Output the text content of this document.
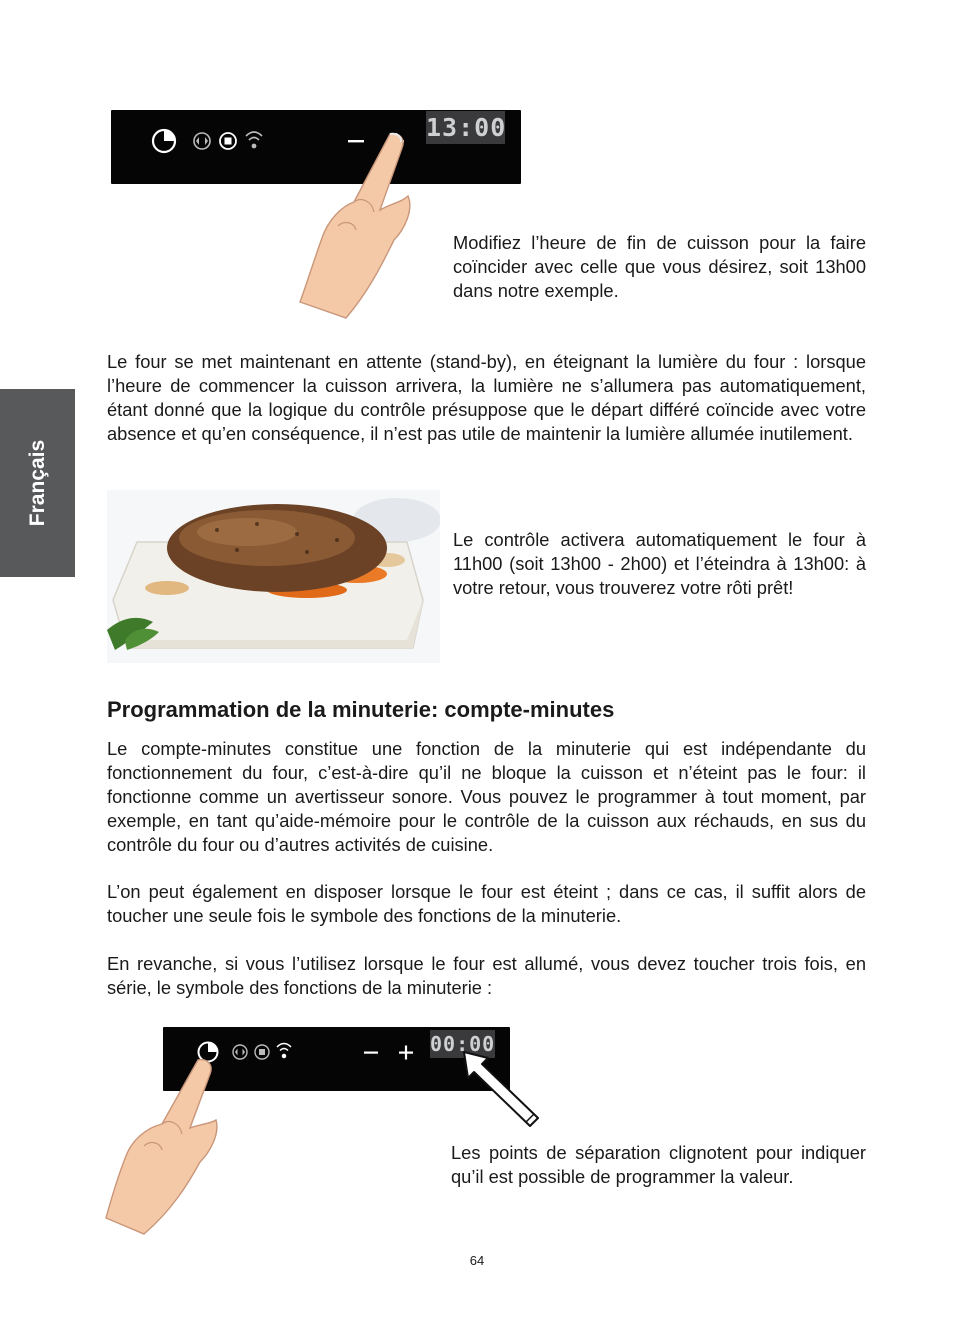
Français
13:00

Modifiez l’heure de fin de cuisson pour la faire coïncider avec celle que vous désirez, soit 13h00 dans notre exemple.

Le four se met maintenant en attente (stand-by), en éteignant la lumière du four : lorsque l’heure de commencer la cuisson arrivera, la lumière ne s’allumera pas automatiquement, étant donné que la logique du contrôle présuppose que le départ différé coïncide avec votre absence et qu’en conséquence, il n’est pas utile de maintenir la lumière allumée inutilement.

Le contrôle activera automatiquement le four à 11h00 (soit 13h00 - 2h00) et l’éteindra à 13h00: à votre retour, vous trouverez votre rôti prêt!

Programmation de la minuterie: compte-minutes

Le compte-minutes constitue une fonction de la minuterie qui est indépendante du fonctionnement du four, c’est-à-dire qu’il ne bloque la cuisson et n’éteint pas le four: il fonctionne comme un avertisseur sonore. Vous pouvez le programmer à tout moment, par exemple, en tant qu’aide-mémoire pour le contrôle de la cuisson aux réchauds, en sus du contrôle du four ou d’autres activités de cuisine.

L’on peut également en disposer lorsque le four est éteint ; dans ce cas, il suffit alors de toucher une seule fois le symbole des fonctions de la minuterie.

En revanche, si vous l’utilisez lorsque le four est allumé, vous devez toucher trois fois, en série, le symbole des fonctions de la minuterie :

00:00

Les points de séparation clignotent pour indiquer qu’il est possible de programmer la valeur.

64
